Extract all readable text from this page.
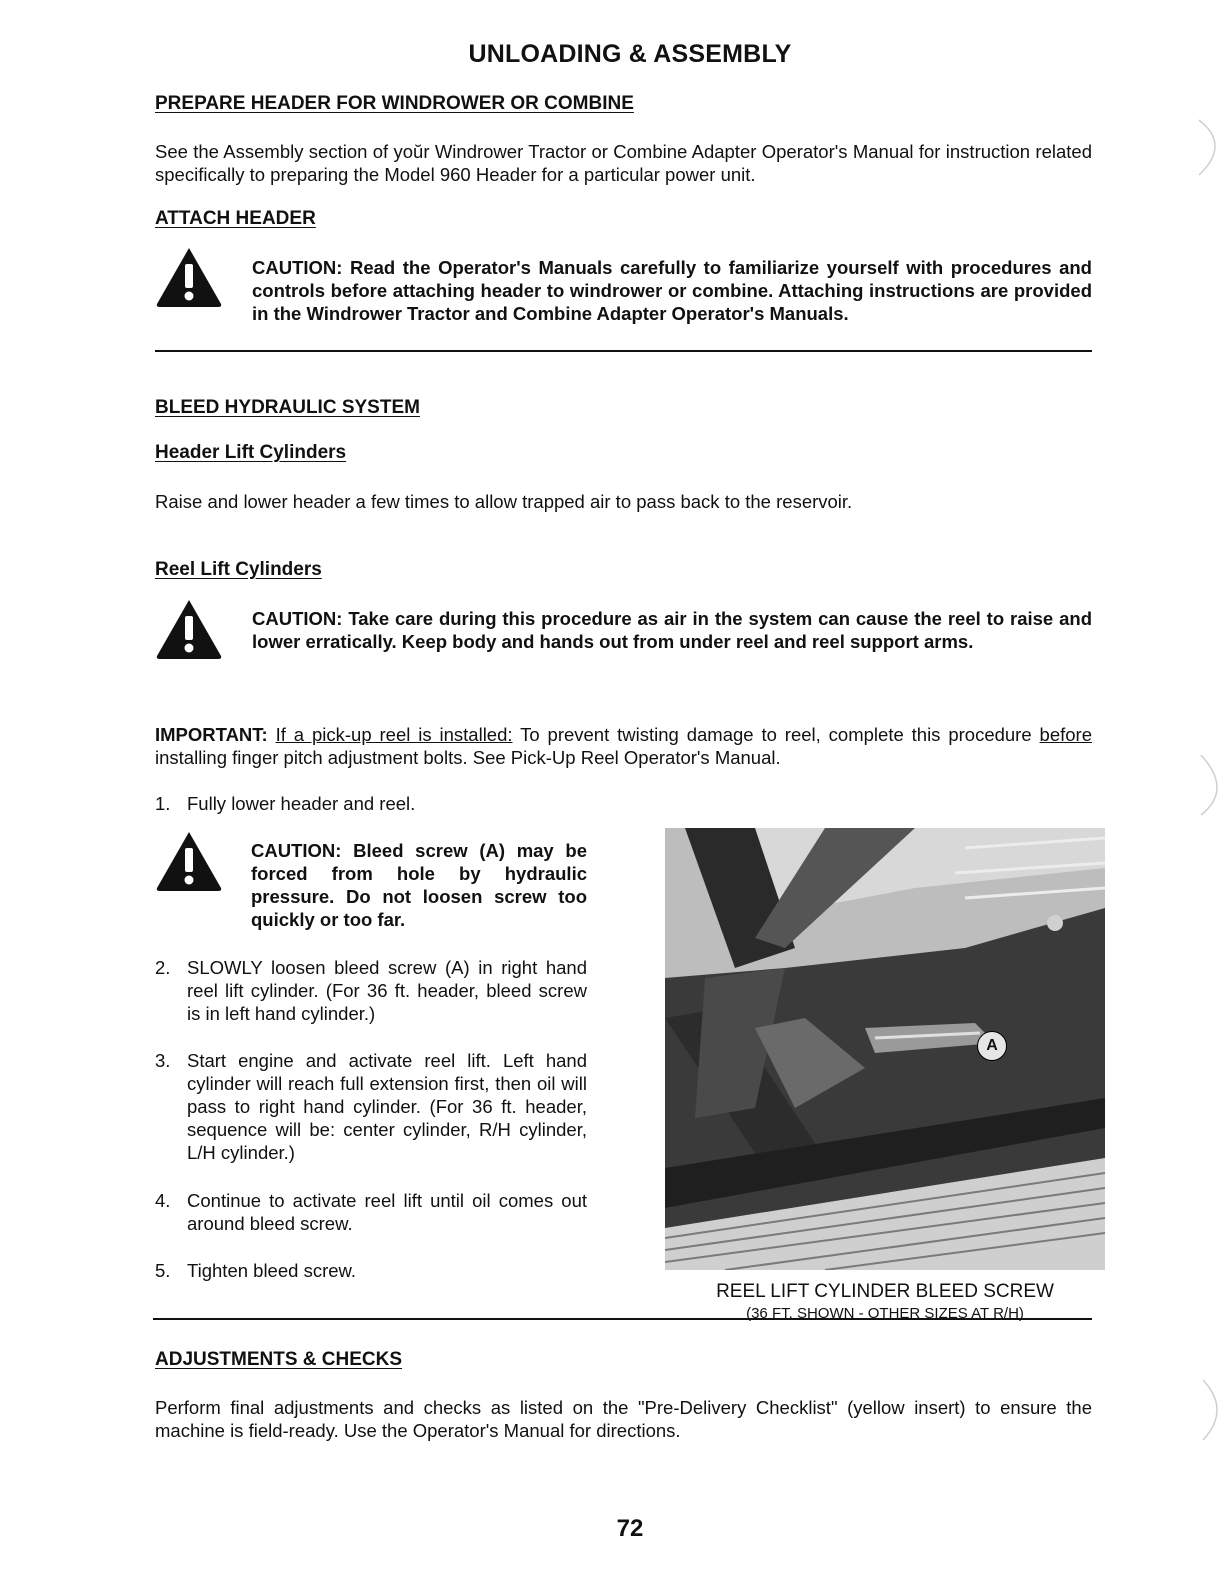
UNLOADING & ASSEMBLY
PREPARE HEADER FOR WINDROWER OR COMBINE
See the Assembly section of yoŭr Windrower Tractor or Combine Adapter Operator's Manual for instruction related specifically to preparing the Model 960 Header for a particular power unit.
ATTACH HEADER
CAUTION: Read the Operator's Manuals carefully to familiarize yourself with procedures and controls before attaching header to windrower or combine. Attaching instructions are provided in the Windrower Tractor and Combine Adapter Operator's Manuals.
BLEED HYDRAULIC SYSTEM
Header Lift Cylinders
Raise and lower header a few times to allow trapped air to pass back to the reservoir.
Reel Lift Cylinders
CAUTION: Take care during this procedure as air in the system can cause the reel to raise and lower erratically. Keep body and hands out from under reel and reel support arms.
IMPORTANT: If a pick-up reel is installed: To prevent twisting damage to reel, complete this procedure before installing finger pitch adjustment bolts. See Pick-Up Reel Operator's Manual.
1. Fully lower header and reel.
CAUTION: Bleed screw (A) may be forced from hole by hydraulic pressure. Do not loosen screw too quickly or too far.
2. SLOWLY loosen bleed screw (A) in right hand reel lift cylinder. (For 36 ft. header, bleed screw is in left hand cylinder.)
3. Start engine and activate reel lift. Left hand cylinder will reach full extension first, then oil will pass to right hand cylinder. (For 36 ft. header, sequence will be: center cylinder, R/H cylinder, L/H cylinder.)
4. Continue to activate reel lift until oil comes out around bleed screw.
5. Tighten bleed screw.
A
REEL LIFT CYLINDER BLEED SCREW
(36 FT. SHOWN - OTHER SIZES AT R/H)
ADJUSTMENTS & CHECKS
Perform final adjustments and checks as listed on the "Pre-Delivery Checklist" (yellow insert) to ensure the machine is field-ready. Use the Operator's Manual for directions.
72
